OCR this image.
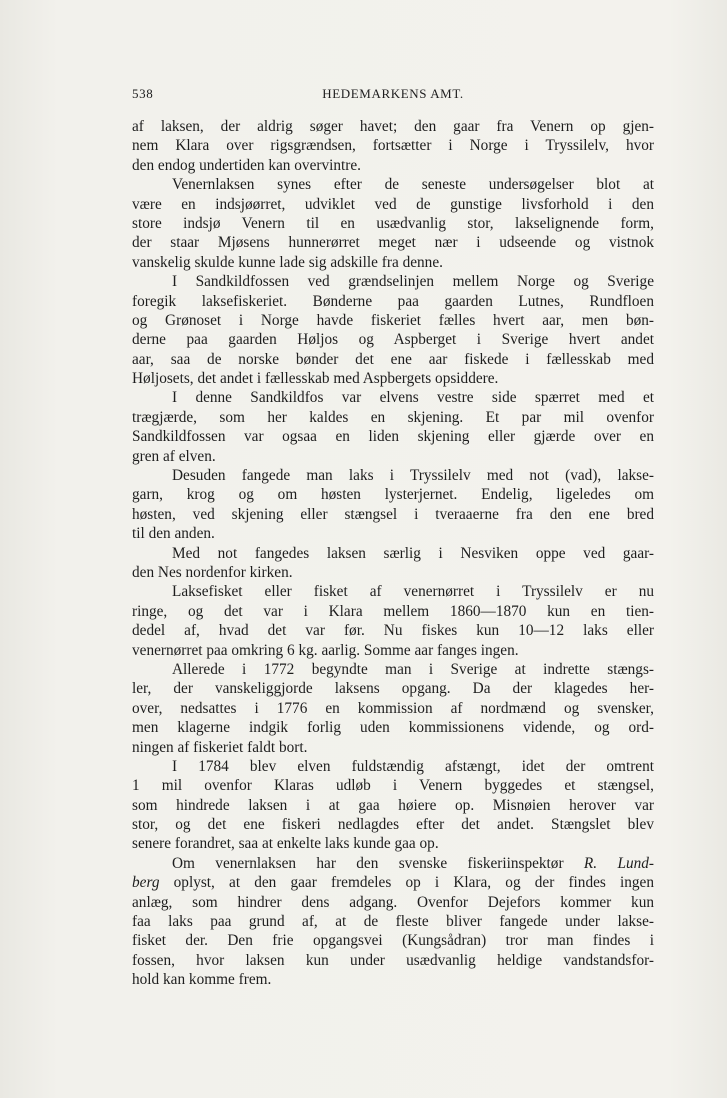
538	HEDEMARKENS AMT.
af laksen, der aldrig søger havet; den gaar fra Venern op gjen-
nem Klara over rigsgrændsen, fortsætter i Norge i Tryssilelv, hvor
den endog undertiden kan overvintre.
Venernlaksen synes efter de seneste undersøgelser blot at
være en indsjøørret, udviklet ved de gunstige livsforhold i den
store indsjø Venern til en usædvanlig stor, lakselignende form,
der staar Mjøsens hunnerørret meget nær i udseende og vistnok
vanskelig skulde kunne lade sig adskille fra denne.
I Sandkildfossen ved grændselinjen mellem Norge og Sverige
foregik laksefiskeriet. Bønderne paa gaarden Lutnes, Rundfloen
og Grønoset i Norge havde fiskeriet fælles hvert aar, men bøn-
derne paa gaarden Høljos og Aspberget i Sverige hvert andet
aar, saa de norske bønder det ene aar fiskede i fællesskab med
Høljosets, det andet i fællesskab med Aspbergets opsiddere.
I denne Sandkildfos var elvens vestre side spærret med et
trægjærde, som her kaldes en skjening. Et par mil ovenfor
Sandkildfossen var ogsaa en liden skjening eller gjærde over en
gren af elven.
Desuden fangede man laks i Tryssilelv med not (vad), lakse-
garn, krog og om høsten lysterjernet. Endelig, ligeledes om
høsten, ved skjening eller stængsel i tveraaerne fra den ene bred
til den anden.
Med not fangedes laksen særlig i Nesviken oppe ved gaar-
den Nes nordenfor kirken.
Laksefisket eller fisket af venernørret i Tryssilelv er nu
ringe, og det var i Klara mellem 1860—1870 kun en tien-
dedel af, hvad det var før. Nu fiskes kun 10—12 laks eller
venernørret paa omkring 6 kg. aarlig. Somme aar fanges ingen.
Allerede i 1772 begyndte man i Sverige at indrette stængs-
ler, der vanskeliggjorde laksens opgang. Da der klagedes her-
over, nedsattes i 1776 en kommission af nordmænd og svensker,
men klagerne indgik forlig uden kommissionens vidende, og ord-
ningen af fiskeriet faldt bort.
I 1784 blev elven fuldstændig afstængt, idet der omtrent
1 mil ovenfor Klaras udløb i Venern byggedes et stængsel,
som hindrede laksen i at gaa høiere op. Misnøien herover var
stor, og det ene fiskeri nedlagdes efter det andet. Stængslet blev
senere forandret, saa at enkelte laks kunde gaa op.
Om venernlaksen har den svenske fiskeriinspektør R. Lund-
berg oplyst, at den gaar fremdeles op i Klara, og der findes ingen
anlæg, som hindrer dens adgang. Ovenfor Dejefors kommer kun
faa laks paa grund af, at de fleste bliver fangede under lakse-
fisket der. Den frie opgangsvei (Kungsådran) tror man findes i
fossen, hvor laksen kun under usædvanlig heldige vandstandsfor-
hold kan komme frem.
